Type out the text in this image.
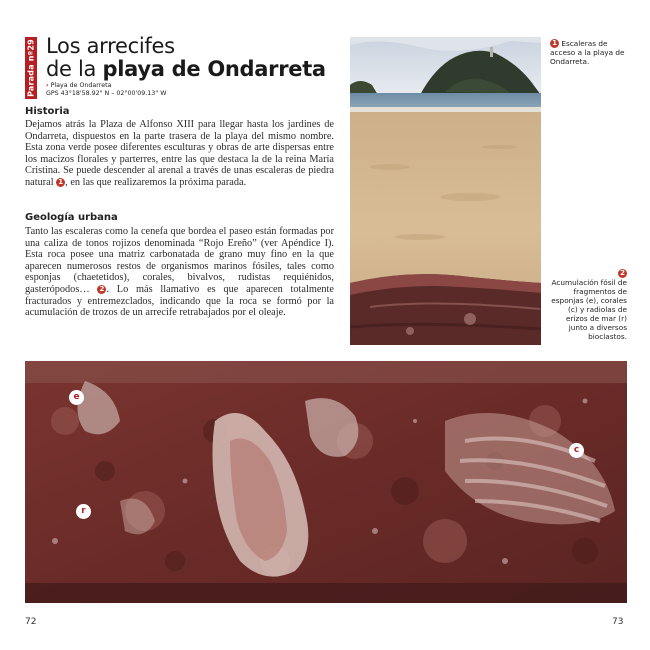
Parada nº29 Los arrecifes
de la playa de Ondarreta
› Playa de Ondarreta
GPS 43°18'58.92" N – 02°00'09.13" W
Historia
Dejamos atrás la Plaza de Alfonso XIII para llegar hasta los jardines de Ondarreta, dispuestos en la parte trasera de la playa del mismo nombre. Esta zona verde posee diferentes esculturas y obras de arte dispersas entre los macizos florales y parterres, entre las que destaca la de la reina María Cristina. Se puede descender al arenal a través de unas escaleras de piedra natural 1 , en las que realizaremos la próxima parada.
Geología urbana
Tanto las escaleras como la cenefa que bordea el paseo están formadas por una caliza de tonos rojizos denominada “Rojo Ereño” (ver Apéndice I). Esta roca posee una matriz carbonatada de grano muy fino en la que aparecen numerosos restos de organismos marinos fósiles, tales como esponjas (chaetetidos), corales, bivalvos, rudistas requiénidos, gasterópodos… 2 . Lo más llamativo es que aparecen totalmente fracturados y entremezclados, indicando que la roca se formó por la acumulación de trozos de un arrecife retrabajados por el oleaje.
1 Escaleras de acceso a la playa de Ondarreta.
2
Acumulación fósil de fragmentos de esponjas (e), corales (c) y radiolas de erizos de mar (r) junto a diversos bioclastos.
e
r
c
72	73
